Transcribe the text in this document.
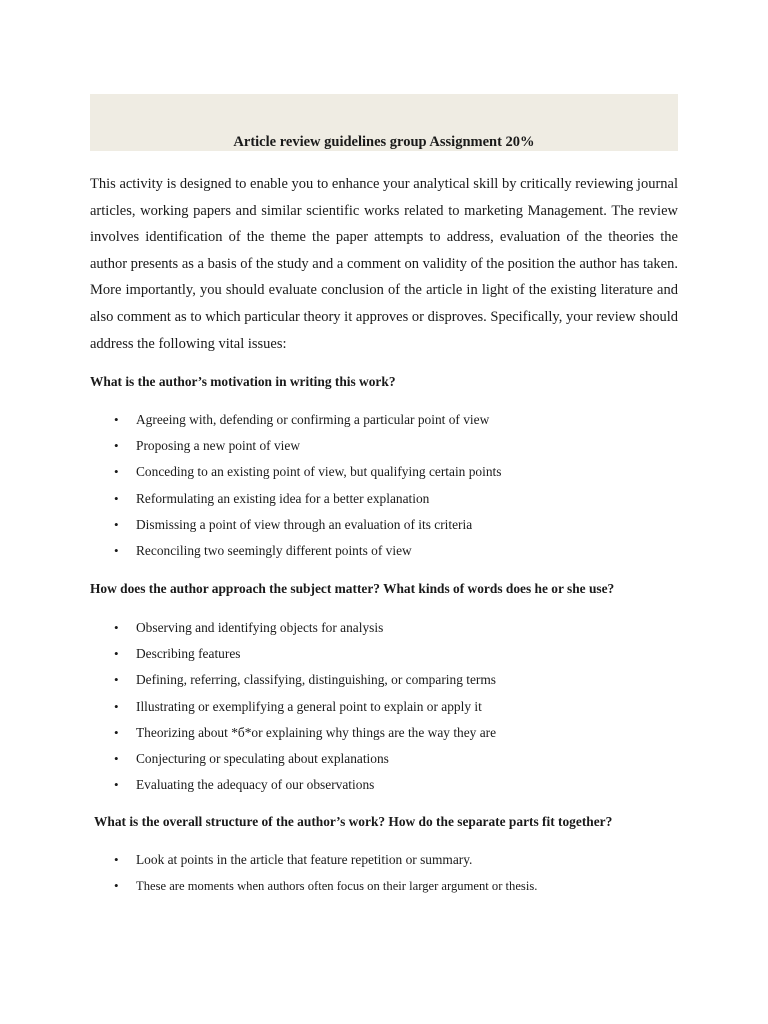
Article review guidelines group Assignment 20%

This activity is designed to enable you to enhance your analytical skill by critically reviewing journal articles, working papers and similar scientific works related to marketing Management. The review involves identification of the theme the paper attempts to address, evaluation of the theories the author presents as a basis of the study and a comment on validity of the position the author has taken. More importantly, you should evaluate conclusion of the article in light of the existing literature and also comment as to which particular theory it approves or disproves. Specifically, your review should address the following vital issues:

What is the author’s motivation in writing this work?

• Agreeing with, defending or confirming a particular point of view
• Proposing a new point of view
• Conceding to an existing point of view, but qualifying certain points
• Reformulating an existing idea for a better explanation
• Dismissing a point of view through an evaluation of its criteria
• Reconciling two seemingly different points of view

How does the author approach the subject matter? What kinds of words does he or she use?

• Observing and identifying objects for analysis
• Describing features
• Defining, referring, classifying, distinguishing, or comparing terms
• Illustrating or exemplifying a general point to explain or apply it
• Theorizing about *б*or explaining why things are the way they are
• Conjecturing or speculating about explanations
• Evaluating the adequacy of our observations

What is the overall structure of the author’s work? How do the separate parts fit together?

• Look at points in the article that feature repetition or summary.
• These are moments when authors often focus on their larger argument or thesis.
